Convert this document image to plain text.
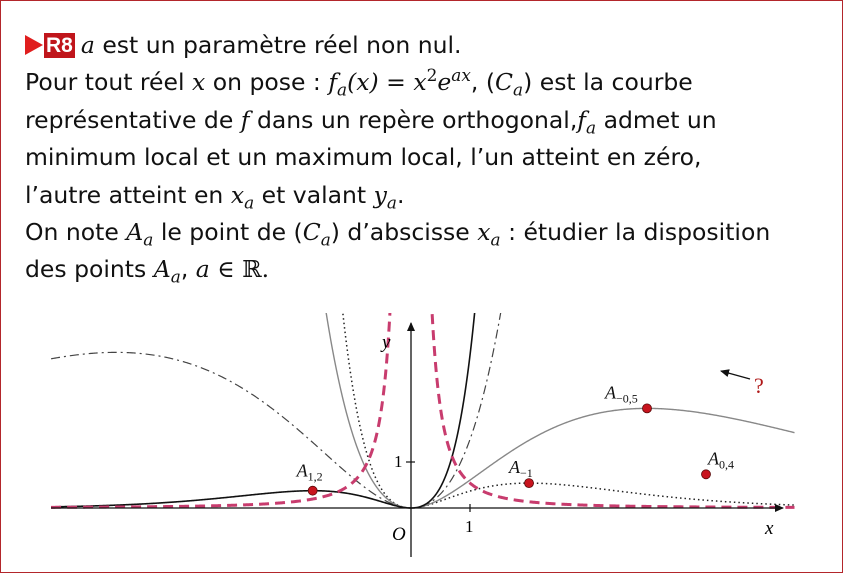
R8 a est un paramètre réel non nul.
Pour tout réel x on pose : $f_a(x) = x^2e^{ax}$, $(C_a)$ est la courbe
représentative de f dans un repère $orthogonal,f_a$ admet un
minimum local et un maximum local, l’un atteint en zéro,
l’autre atteint en $x_a$ et valant $y_a$.
On note $A_a$ le point de $(C_a)$ d’abscisse $x_a$ : étudier la disposition
des points $A_a$, a ∈ ℝ.
x
y
O	1
1
?
$A_{0,4}$
$A_{1,2}$	$A_{-1}$
$A_{-0,5}$
